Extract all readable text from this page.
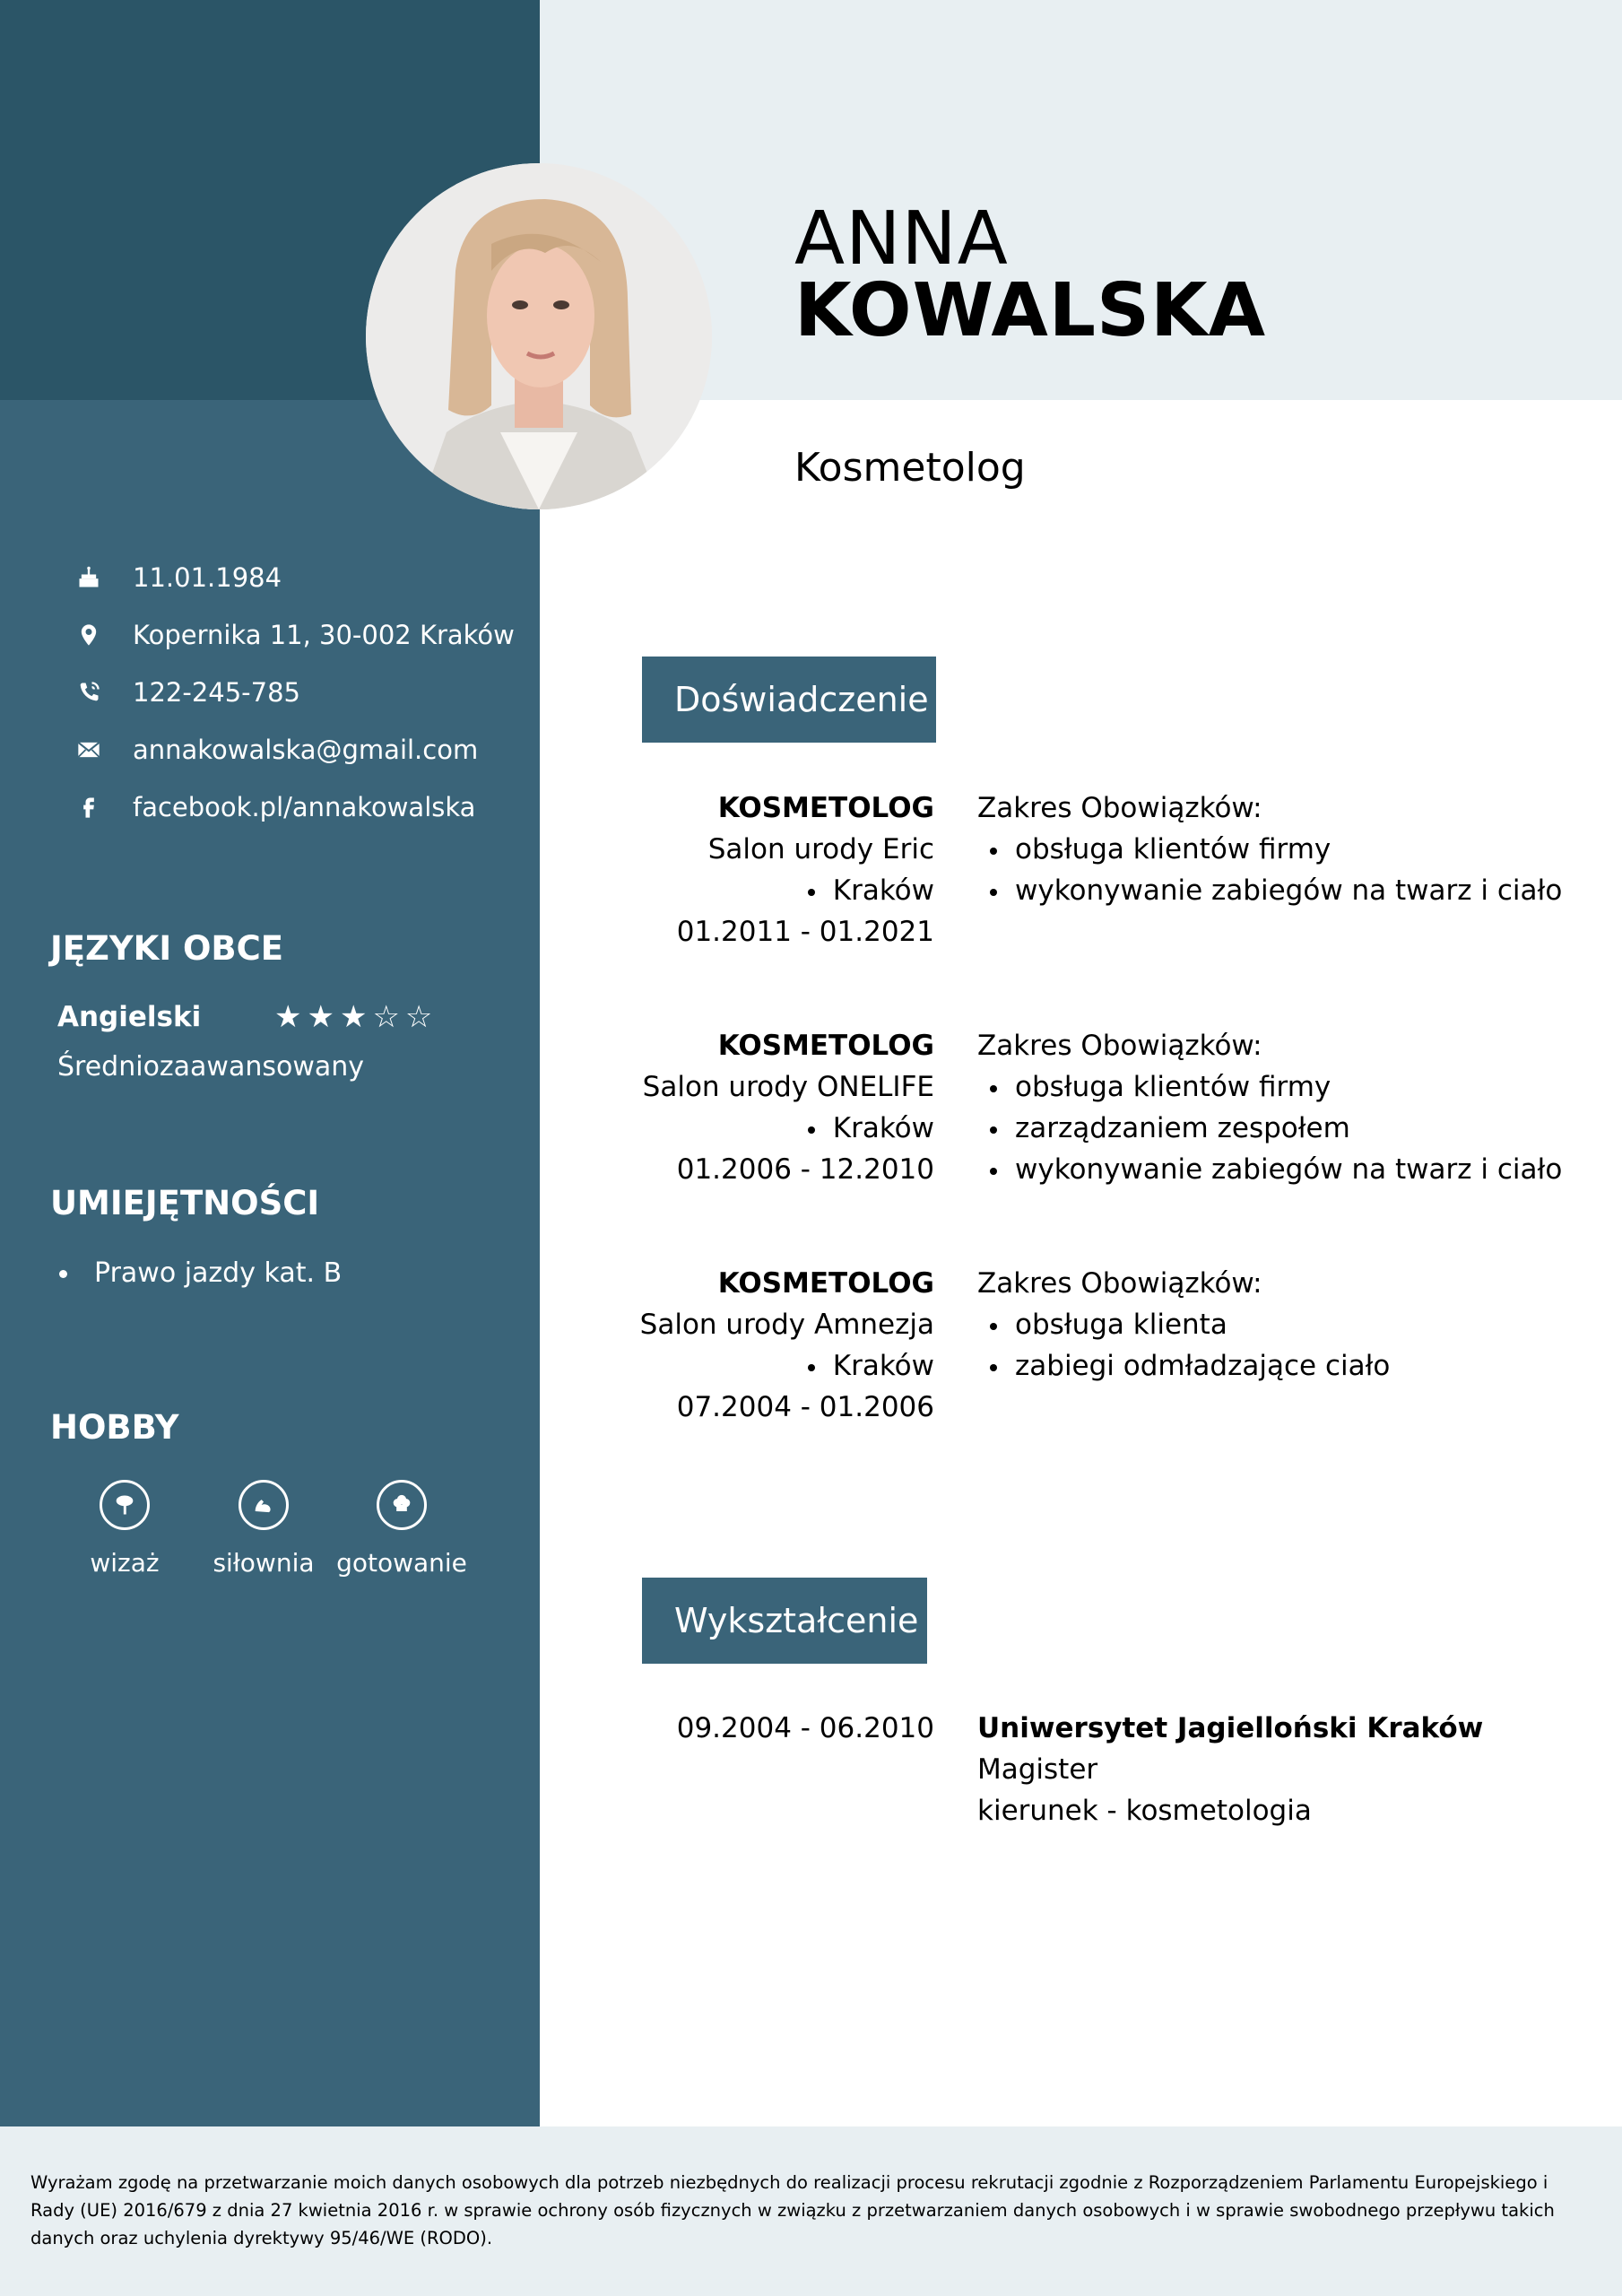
ANNA
KOWALSKA
Kosmetolog
11.01.1984
Kopernika 11, 30-002 Kraków
122-245-785
annakowalska@gmail.com
facebook.pl/annakowalska
JĘZYKI OBCE
Angielski ★★★☆☆
Średniozaawansowany
UMIEJĘTNOŚCI
Prawo jazdy kat. B
HOBBY
wizaż	siłownia gotowanie
Doświadczenie
KOSMETOLOG
Salon urody Eric
Kraków
01.2011 - 01.2021
Zakres Obowiązków:
obsługa klientów firmy
wykonywanie zabiegów na twarz i ciało
KOSMETOLOG
Salon urody ONELIFE
Kraków
01.2006 - 12.2010
Zakres Obowiązków:
obsługa klientów firmy
zarządzaniem zespołem
wykonywanie zabiegów na twarz i ciało
KOSMETOLOG
Salon urody Amnezja
Kraków
07.2004 - 01.2006
Zakres Obowiązków:
obsługa klienta
zabiegi odmładzające ciało
Wykształcenie
09.2004 - 06.2010 Uniwersytet Jagielloński Kraków
Magister
kierunek - kosmetologia
Wyrażam zgodę na przetwarzanie moich danych osobowych dla potrzeb niezbędnych do realizacji procesu rekrutacji zgodnie z Rozporządzeniem Parlamentu Europejskiego i Rady (UE) 2016/679 z dnia 27 kwietnia 2016 r. w sprawie ochrony osób fizycznych w związku z przetwarzaniem danych osobowych i w sprawie swobodnego przepływu takich danych oraz uchylenia dyrektywy 95/46/WE (RODO).
